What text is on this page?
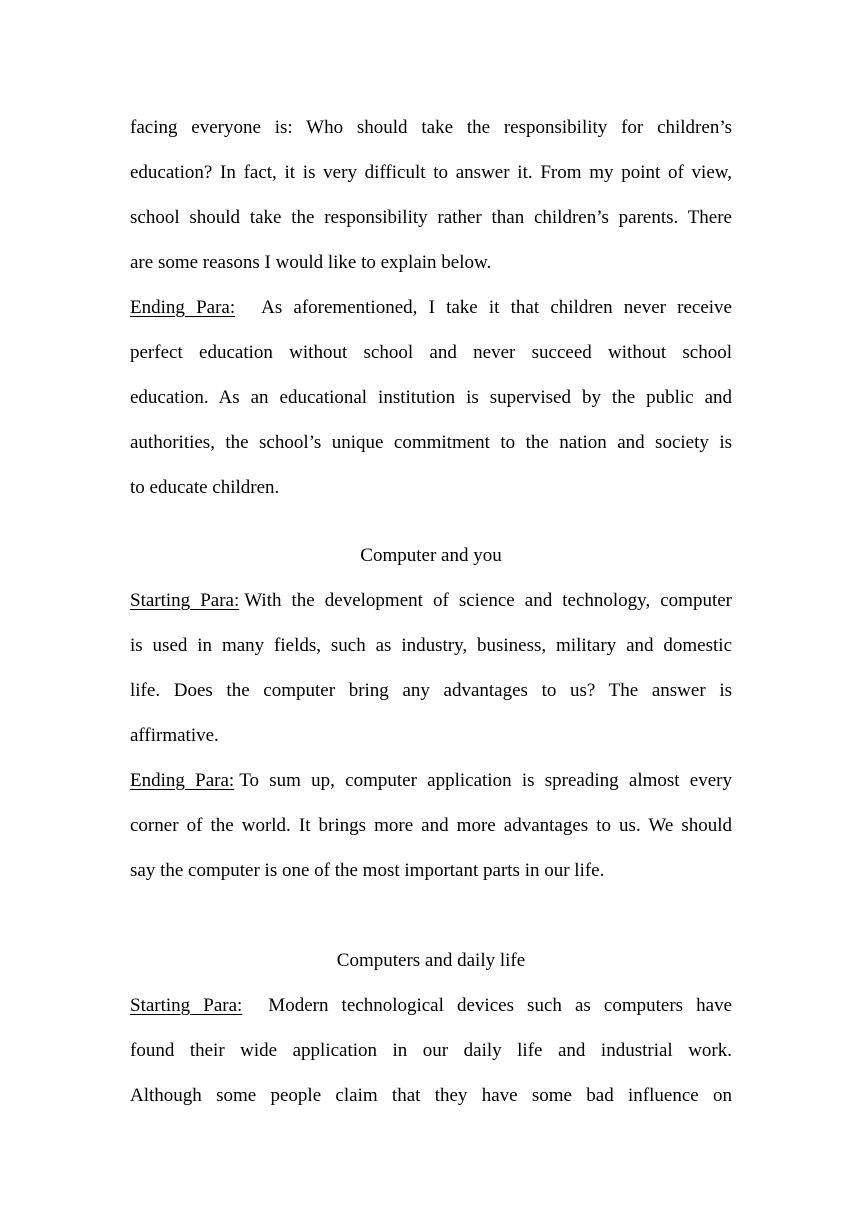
facing everyone is: Who should take the responsibility for children’s
education? In fact, it is very difficult to answer it. From my point of view,
school should take the responsibility rather than children’s parents. There
are some reasons I would like to explain below.
Ending Para: As aforementioned, I take it that children never receive
perfect education without school and never succeed without school
education. As an educational institution is supervised by the public and
authorities, the school’s unique commitment to the nation and society is
to educate children.
Computer and you
Starting Para: With the development of science and technology, computer
is used in many fields, such as industry, business, military and domestic
life. Does the computer bring any advantages to us? The answer is
affirmative.
Ending Para: To sum up, computer application is spreading almost every
corner of the world. It brings more and more advantages to us. We should
say the computer is one of the most important parts in our life.
Computers and daily life
Starting Para: Modern technological devices such as computers have
found their wide application in our daily life and industrial work.
Although some people claim that they have some bad influence on
